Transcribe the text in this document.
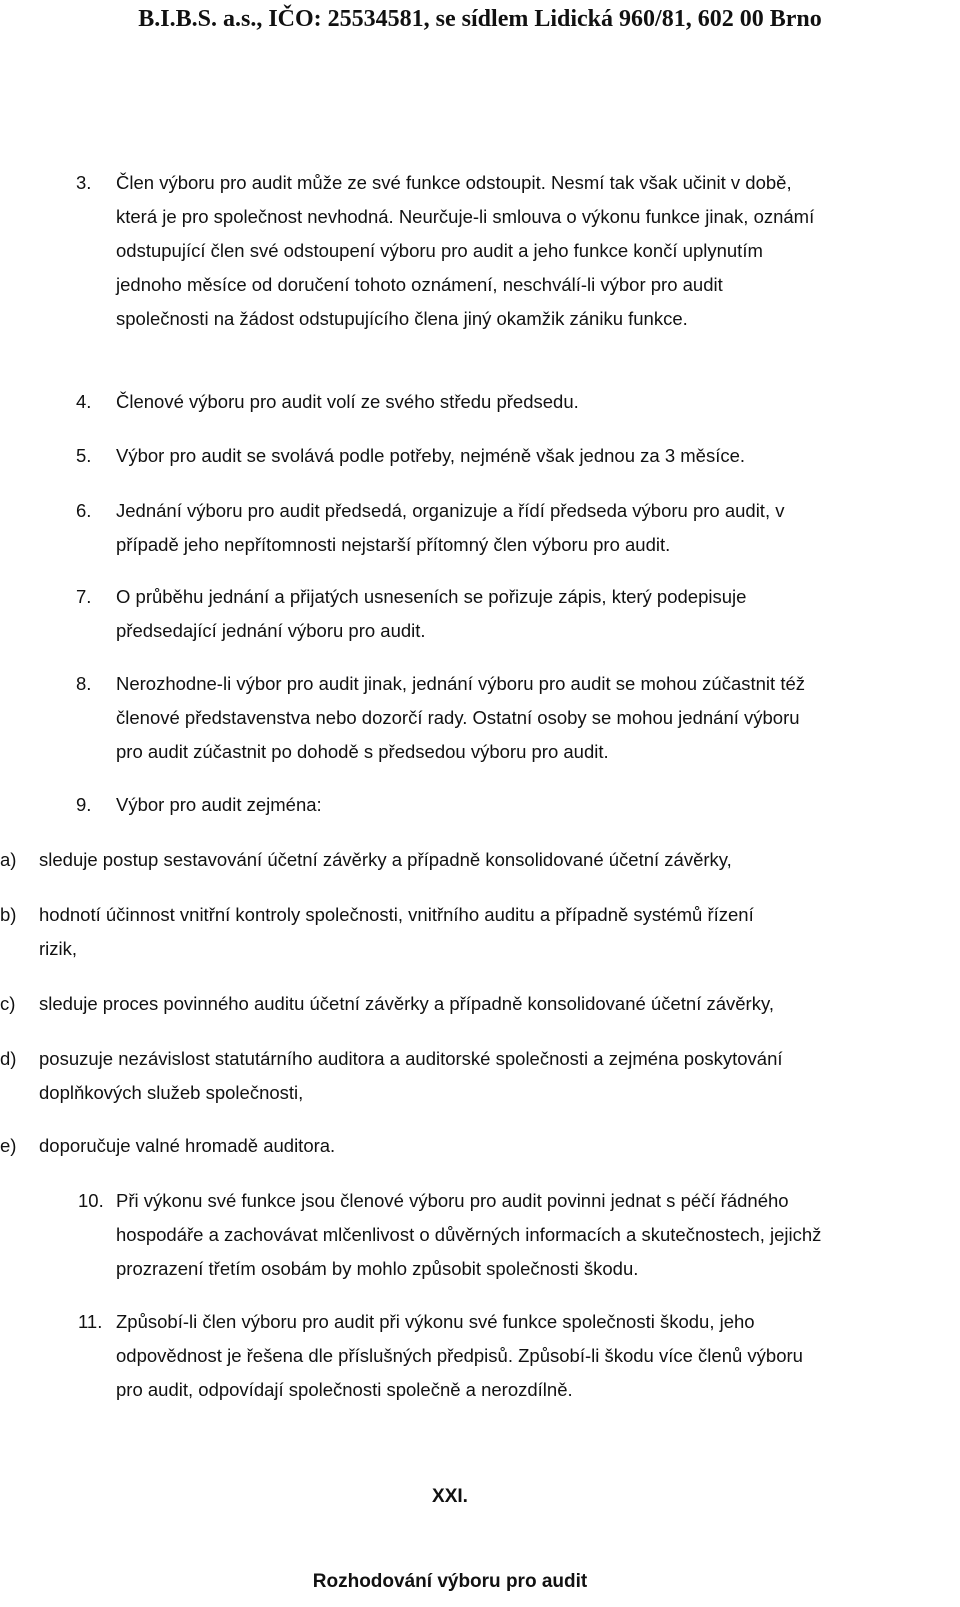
B.I.B.S. a.s., IČO: 25534581, se sídlem Lidická 960/81, 602 00 Brno
3. Člen výboru pro audit může ze své funkce odstoupit. Nesmí tak však učinit v době,
která je pro společnost nevhodná. Neurčuje-li smlouva o výkonu funkce jinak, oznámí
odstupující člen své odstoupení výboru pro audit a jeho funkce končí uplynutím
jednoho měsíce od doručení tohoto oznámení, neschválí-li výbor pro audit
společnosti na žádost odstupujícího člena jiný okamžik zániku funkce.
4. Členové výboru pro audit volí ze svého středu předsedu.
5. Výbor pro audit se svolává podle potřeby, nejméně však jednou za 3 měsíce.
6. Jednání výboru pro audit předsedá, organizuje a řídí předseda výboru pro audit, v
případě jeho nepřítomnosti nejstarší přítomný člen výboru pro audit.
7. O průběhu jednání a přijatých usneseních se pořizuje zápis, který podepisuje
předsedající jednání výboru pro audit.
8. Nerozhodne-li výbor pro audit jinak, jednání výboru pro audit se mohou zúčastnit též
členové představenstva nebo dozorčí rady. Ostatní osoby se mohou jednání výboru
pro audit zúčastnit po dohodě s předsedou výboru pro audit.
9. Výbor pro audit zejména:
a) sleduje postup sestavování účetní závěrky a případně konsolidované účetní závěrky,
b) hodnotí účinnost vnitřní kontroly společnosti, vnitřního auditu a případně systémů řízení
rizik,
c) sleduje proces povinného auditu účetní závěrky a případně konsolidované účetní závěrky,
d) posuzuje nezávislost statutárního auditora a auditorské společnosti a zejména poskytování
doplňkových služeb společnosti,
e) doporučuje valné hromadě auditora.
10. Při výkonu své funkce jsou členové výboru pro audit povinni jednat s péčí řádného
hospodáře a zachovávat mlčenlivost o důvěrných informacích a skutečnostech, jejichž
prozrazení třetím osobám by mohlo způsobit společnosti škodu.
11. Způsobí-li člen výboru pro audit při výkonu své funkce společnosti škodu, jeho
odpovědnost je řešena dle příslušných předpisů. Způsobí-li škodu více členů výboru
pro audit, odpovídají společnosti společně a nerozdílně.
XXI.
Rozhodování výboru pro audit
